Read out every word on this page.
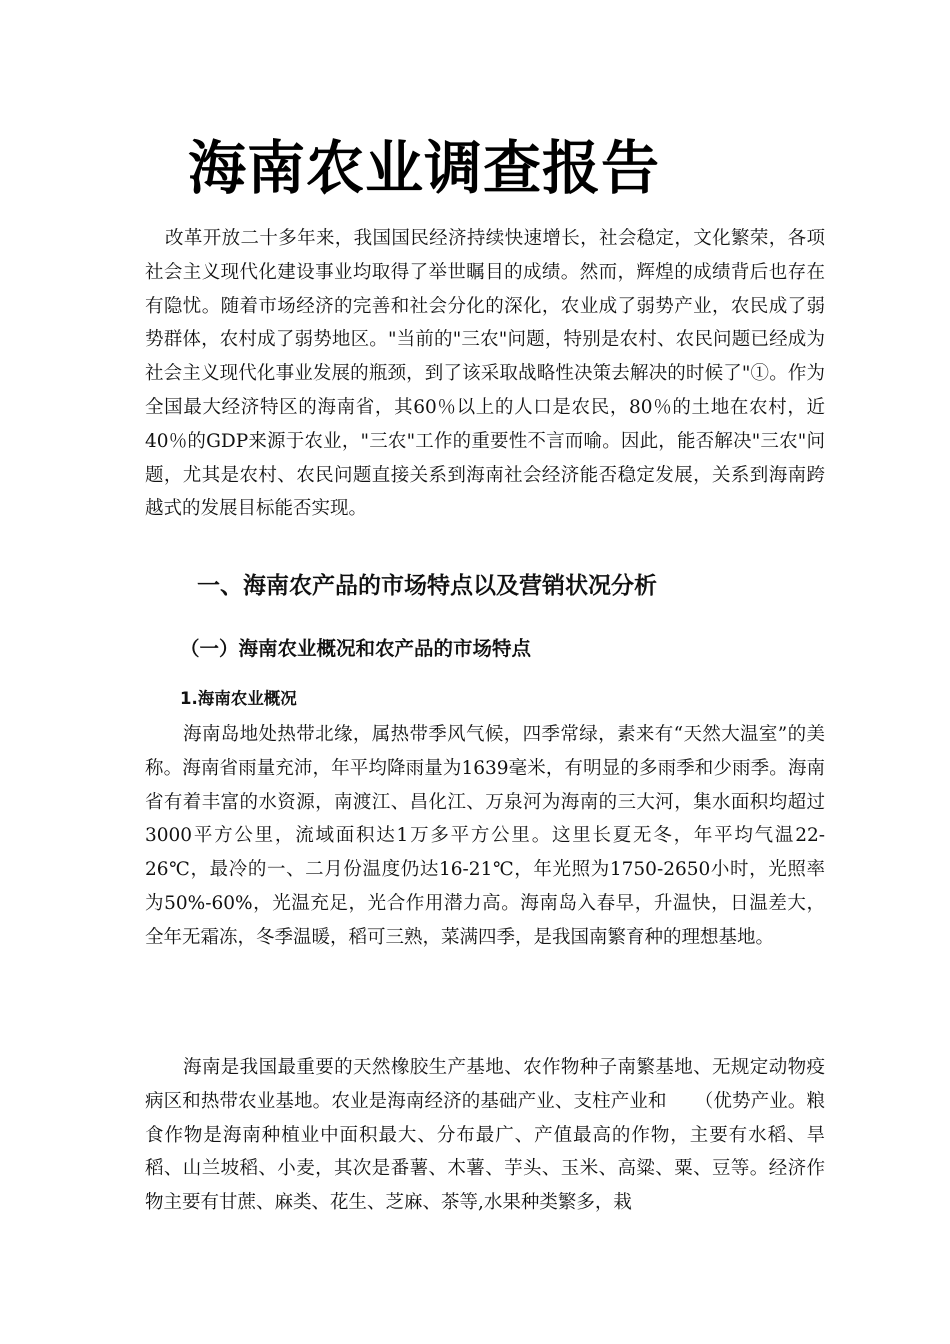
海南农业调查报告

改革开放二十多年来，我国国民经济持续快速增长，社会稳定，文化繁荣，各项社会主义现代化建设事业均取得了举世瞩目的成绩。然而，辉煌的成绩背后也存在有隐忧。随着市场经济的完善和社会分化的深化，农业成了弱势产业，农民成了弱势群体，农村成了弱势地区。"当前的"三农"问题，特别是农村、农民问题已经成为社会主义现代化事业发展的瓶颈，到了该采取战略性决策去解决的时候了"①。作为全国最大经济特区的海南省，其60％以上的人口是农民，80％的土地在农村，近40％的GDP来源于农业，"三农"工作的重要性不言而喻。因此，能否解决"三农"问题，尤其是农村、农民问题直接关系到海南社会经济能否稳定发展，关系到海南跨越式的发展目标能否实现。

一、海南农产品的市场特点以及营销状况分析
（一）海南农业概况和农产品的市场特点
1.海南农业概况

海南岛地处热带北缘，属热带季风气候，四季常绿，素来有“天然大温室”的美称。海南省雨量充沛，年平均降雨量为1639毫米，有明显的多雨季和少雨季。海南省有着丰富的水资源，南渡江、昌化江、万泉河为海南的三大河，集水面积均超过3000平方公里，流域面积达1万多平方公里。这里长夏无冬，年平均气温22-26℃，最冷的一、二月份温度仍达16-21℃，年光照为1750-2650小时，光照率为50%-60%，光温充足，光合作用潜力高。海南岛入春早，升温快，日温差大，全年无霜冻，冬季温暖，稻可三熟，菜满四季，是我国南繁育种的理想基地。

海南是我国最重要的天然橡胶生产基地、农作物种子南繁基地、无规定动物疫病区和热带农业基地。农业是海南经济的基础产业、支柱产业和　　（优势产业。粮食作物是海南种植业中面积最大、分布最广、产值最高的作物，主要有水稻、旱稻、山兰坡稻、小麦，其次是番薯、木薯、芋头、玉米、高粱、粟、豆等。经济作物主要有甘蔗、麻类、花生、芝麻、茶等,水果种类繁多，栽
